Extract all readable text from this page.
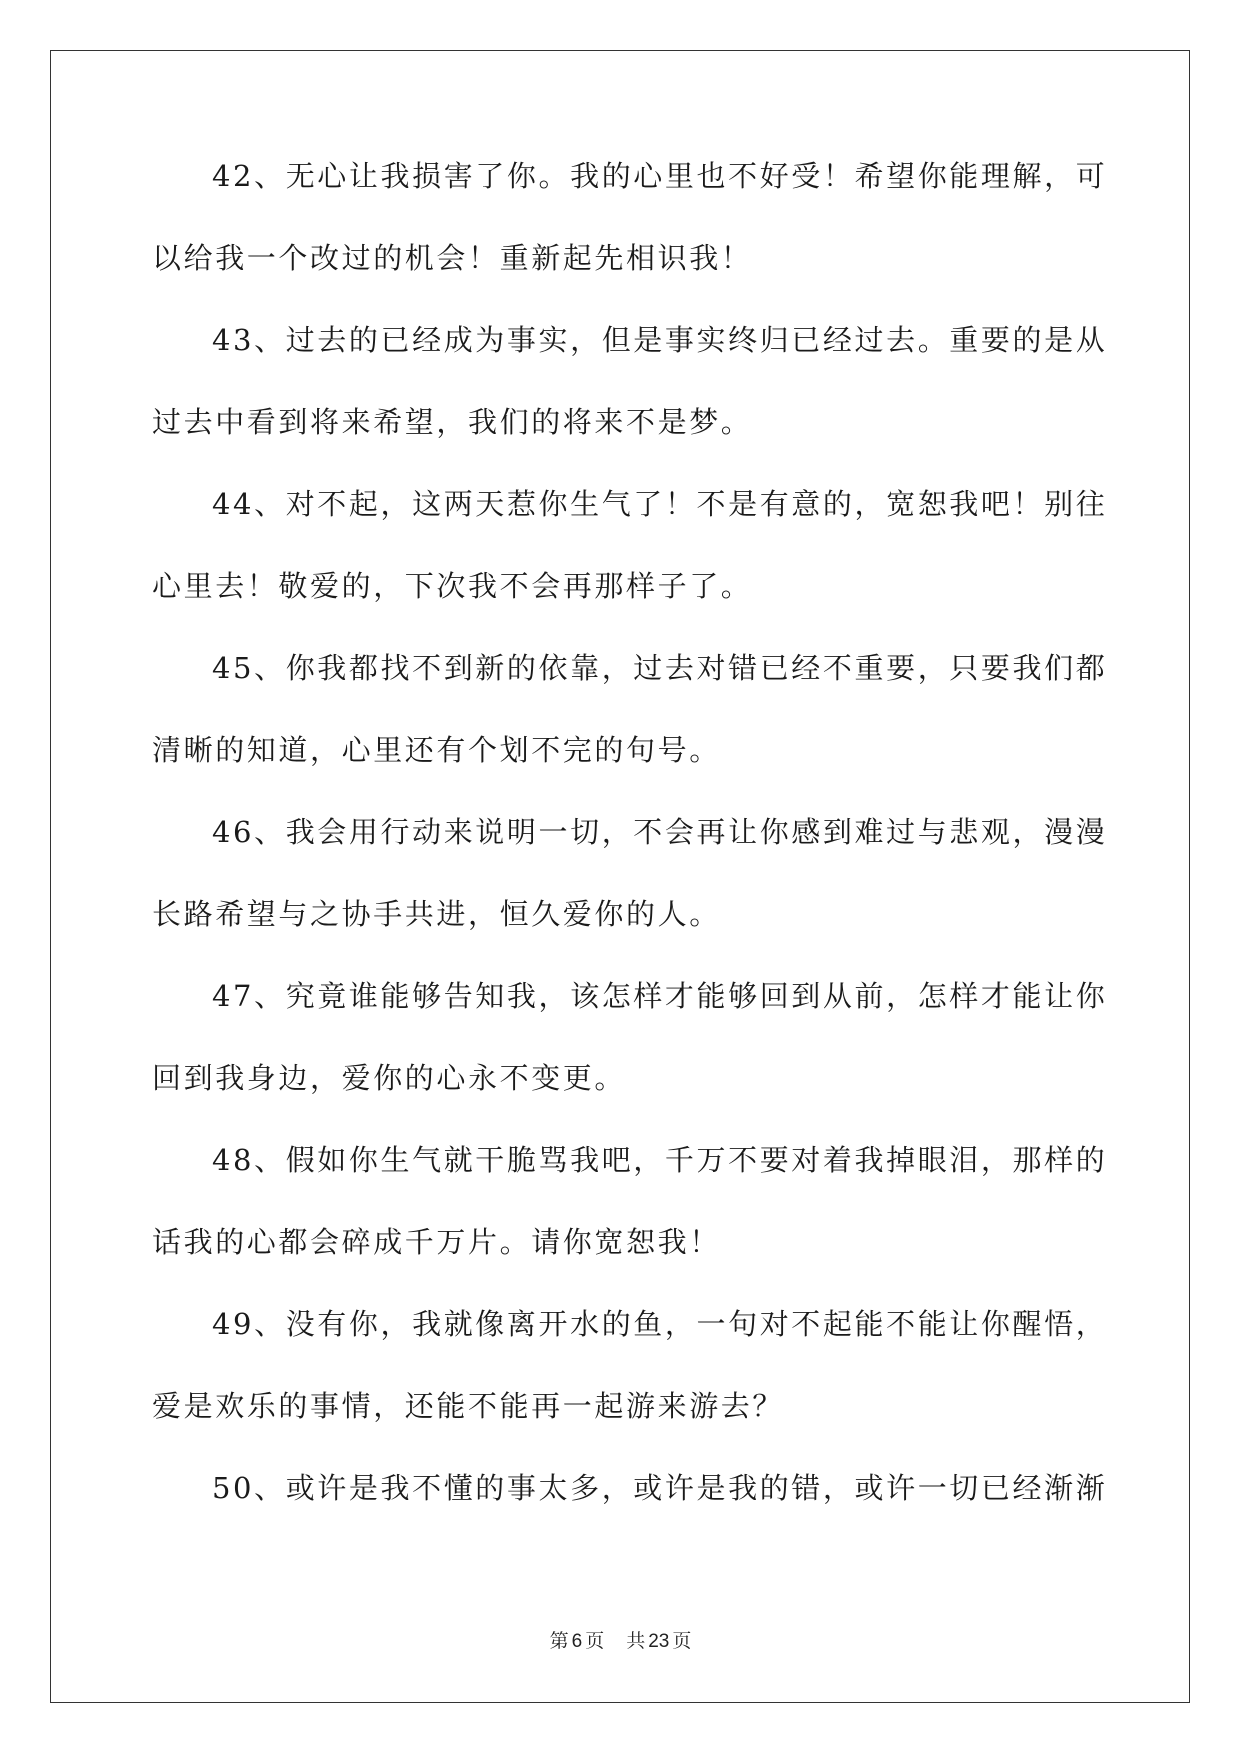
42、无心让我损害了你。我的心里也不好受！希望你能理解，可
以给我一个改过的机会！重新起先相识我！
43、过去的已经成为事实，但是事实终归已经过去。重要的是从
过去中看到将来希望，我们的将来不是梦。
44、对不起，这两天惹你生气了！不是有意的，宽恕我吧！别往
心里去！敬爱的，下次我不会再那样子了。
45、你我都找不到新的依靠，过去对错已经不重要，只要我们都
清晰的知道，心里还有个划不完的句号。
46、我会用行动来说明一切，不会再让你感到难过与悲观，漫漫
长路希望与之协手共进，恒久爱你的人。
47、究竟谁能够告知我，该怎样才能够回到从前，怎样才能让你
回到我身边，爱你的心永不变更。
48、假如你生气就干脆骂我吧，千万不要对着我掉眼泪，那样的
话我的心都会碎成千万片。请你宽恕我！
49、没有你，我就像离开水的鱼，一句对不起能不能让你醒悟，
爱是欢乐的事情，还能不能再一起游来游去？
50、或许是我不懂的事太多，或许是我的错，或许一切已经渐渐
第 6 页 共 23 页
